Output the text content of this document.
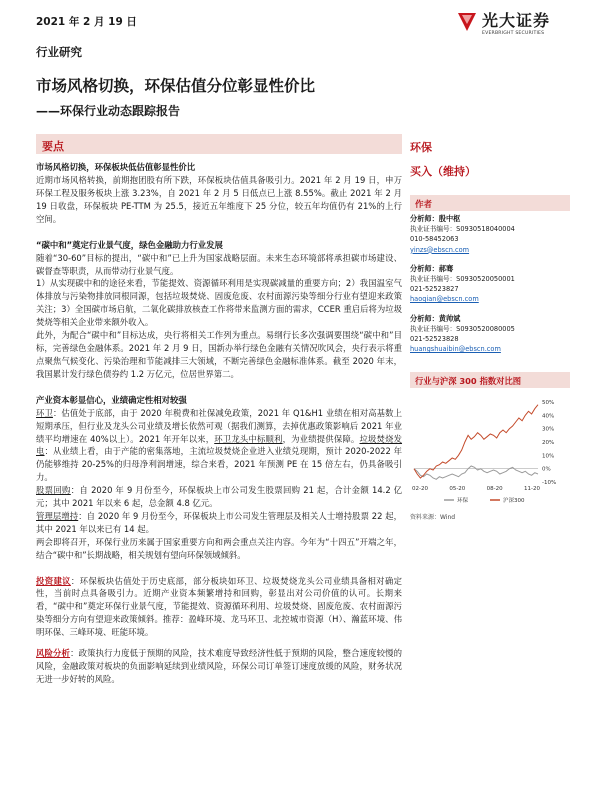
2021 年 2 月 19 日	光大证券
EVERBRIGHT SECURITIES
行业研究
市场风格切换，环保估值分位彰显性价比
——环保行业动态跟踪报告
要点
市场风格切换，环保板块低估值彰显性价比

近期市场风格转换，前期抱团股有所下跌，环保板块估值具备吸引力。2021 年 2 月 19 日，申万环保工程及服务板块上涨 3.23%，自 2021 年 2 月 5 日低点已上涨 8.55%。截止 2021 年 2 月 19 日收盘，环保板块 PE-TTM 为 25.5，接近五年维度下 25 分位，较五年均值仍有 21%的上行空间。

“碳中和”奠定行业景气度，绿色金融助力行业发展

随着“30-60”目标的提出，“碳中和”已上升为国家战略层面。未来生态环境部将承担碳市场建设、碳督查等职责，从而带动行业景气度。

1）从实现碳中和的途径来看，节能提效、资源循环利用是实现碳减量的重要方向；2）我国温室气体排放与污染物排放同根同源，包括垃圾焚烧、固废危废、农村面源污染等细分行业有望迎来政策关注；3）全国碳市场启航，二氧化碳排放核查工作将带来监测方面的需求，CCER 重启后将为垃圾焚烧等相关企业带来额外收入。

此外，为配合“碳中和”目标达成，央行将相关工作列为重点。易纲行长多次强调要围绕“碳中和”目标，完善绿色金融体系。2021 年 2 月 9 日，国新办举行绿色金融有关情况吹风会，央行表示将重点聚焦气候变化、污染治理和节能减排三大领域，不断完善绿色金融标准体系。截至 2020 年末，我国累计发行绿色债券约 1.2 万亿元，位居世界第二。

产业资本彰显信心，业绩确定性相对较强

环卫：估值处于底部，由于 2020 年税费和社保减免政策，2021 年 Q1&H1 业绩在相对高基数上短期承压，但行业及龙头公司业绩及增长依然可观（据我们测算，去掉优惠政策影响后 2021 年业绩平均增速在 40%以上）。2021 年开年以来，环卫龙头中标顺利，为业绩提供保障。垃圾焚烧发电：从业绩上看，由于产能的密集落地，主流垃圾焚烧企业进入业绩兑现期，预计 2020-2022 年仍能够维持 20-25%的归母净利润增速，综合来看，2021 年预测 PE 在 15 倍左右，仍具备吸引力。

股票回购：自 2020 年 9 月份至今，环保板块上市公司发生股票回购 21 起，合计金额 14.2 亿元；其中 2021 年以来 6 起，总金额 4.8 亿元。

管理层增持：自 2020 年 9 月份至今，环保板块上市公司发生管理层及相关人士增持股票 22 起，其中 2021 年以来已有 14 起。

两会即将召开，环保行业历来属于国家重要方向和两会重点关注内容。今年为“十四五”开端之年，结合“碳中和”长期战略，相关规划有望向环保领域倾斜。

投资建议：环保板块估值处于历史底部，部分板块如环卫、垃圾焚烧龙头公司业绩具备相对确定性，当前时点具备吸引力。近期产业资本频繁增持和回购，彰显出对公司价值的认可。长期来看，“碳中和”奠定环保行业景气度，节能提效、资源循环利用、垃圾焚烧、固废危废、农村面源污染等细分方向有望迎来政策倾斜。推荐：盈峰环境、龙马环卫、北控城市资源（H）、瀚蓝环境、伟明环保、三峰环境、旺能环境。

风险分析：政策执行力度低于预期的风险，技术难度导致经济性低于预期的风险，整合速度较慢的风险，金融政策对板块的负面影响延续到业绩风险，环保公司订单签订速度放缓的风险，财务状况无进一步好转的风险。

环保
买入（维持）
作者
分析师：殷中枢
执业证书编号：S0930518040004
010-58452063
yinzs@ebscn.com
分析师：郝骞
执业证书编号：S0930520050001
021-52523827
haoqian@ebscn.com
分析师：黄帅斌
执业证书编号：S0930520080005
021-52523828
huangshuaibin@ebscn.com
行业与沪深 300 指数对比图
-10%
0%
10%
20%
30%
40%
50%
02-20	05-20	08-20	11-20
环保	沪深300
资料来源：Wind
